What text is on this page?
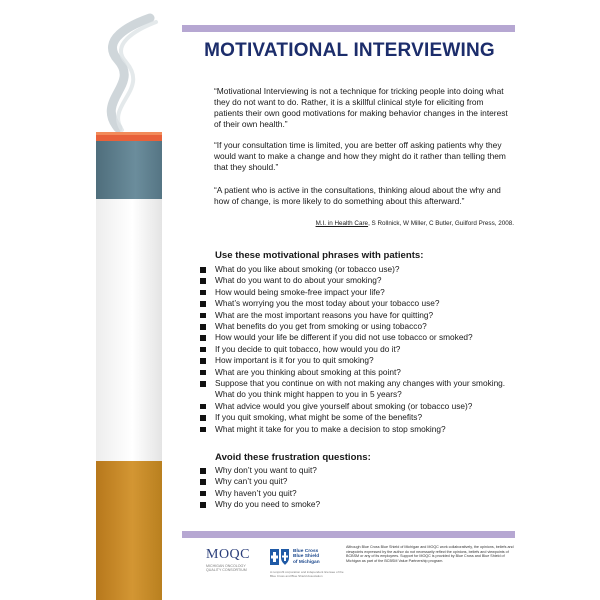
MOTIVATIONAL INTERVIEWING

“Motivational Interviewing is not a technique for tricking people into doing what they do not want to do. Rather, it is a skillful clinical style for eliciting from patients their own good motivations for making behavior changes in the interest of their own health.”

“If your consultation time is limited, you are better off asking patients why they would want to make a change and how they might do it rather than telling them that they should.”

“A patient who is active in the consultations, thinking aloud about the why and how of change, is more likely to do something about this afterward.”

M.I. in Health Care, S Rollnick, W Miller, C Butler, Guilford Press, 2008.

Use these motivational phrases with patients:
What do you like about smoking (or tobacco use)?
What do you want to do about your smoking?
How would being smoke-free impact your life?
What’s worrying you the most today about your tobacco use?
What are the most important reasons you have for quitting?
What benefits do you get from smoking or using tobacco?
How would your life be different if you did not use tobacco or smoked?
If you decide to quit tobacco, how would you do it?
How important is it for you to quit smoking?
What are you thinking about smoking at this point?
Suppose that you continue on with not making any changes with your smoking. What do you think might happen to you in 5 years?
What advice would you give yourself about smoking (or tobacco use)?
If you quit smoking, what might be some of the benefits?
What might it take for you to make a decision to stop smoking?
Avoid these frustration questions:
Why don’t you want to quit?
Why can’t you quit?
Why haven’t you quit?
Why do you need to smoke?
MOQC
MICHIGAN ONCOLOGY QUALITY CONSORTIUM
Blue Cross
Blue Shield
of Michigan
A nonprofit corporation and independent licensee of the Blue Cross and Blue Shield Association

Although Blue Cross Blue Shield of Michigan and MOQC work collaboratively, the opinions, beliefs and viewpoints expressed by the author do not necessarily reflect the opinions, beliefs and viewpoints of BCBSM or any of its employees. Support for MOQC is provided by Blue Cross and Blue Shield of Michigan as part of the BCBSM Value Partnership program.
